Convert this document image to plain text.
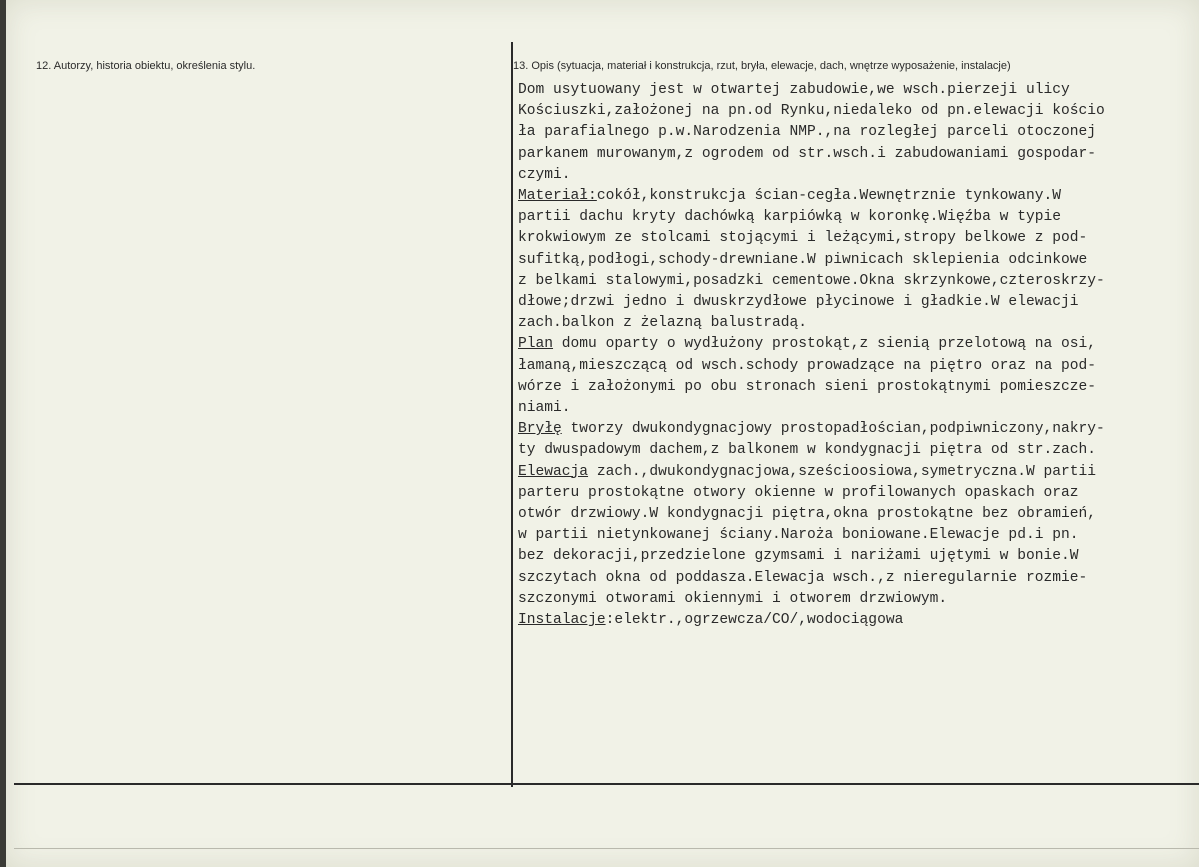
12. Autorzy, historia obiektu, określenia stylu.	13. Opis (sytuacja, materiał i konstrukcja, rzut, bryła, elewacje, dach, wnętrze wyposażenie, instalacje)
Dom usytuowany jest w otwartej zabudowie,we wsch.pierzeji ulicy
Kościuszki,założonej na pn.od Rynku,niedaleko od pn.elewacji kościo
ła parafialnego p.w.Narodzenia NMP.,na rozległej parceli otoczonej
parkanem murowanym,z ogrodem od str.wsch.i zabudowaniami gospodar-
czymi.
Materiał:cokół,konstrukcja ścian-cegła.Wewnętrznie tynkowany.W
partii dachu kryty dachówką karpiówką w koronkę.Więźba w typie
krokwiowym ze stolcami stojącymi i leżącymi,stropy belkowe z pod-
sufitką,podłogi,schody-drewniane.W piwnicach sklepienia odcinkowe
z belkami stalowymi,posadzki cementowe.Okna skrzynkowe,czteroskrzy-
dłowe;drzwi jedno i dwuskrzydłowe płycinowe i gładkie.W elewacji
zach.balkon z żelazną balustradą.
Plan domu oparty o wydłużony prostokąt,z sienią przelotową na osi,
łamaną,mieszczącą od wsch.schody prowadzące na piętro oraz na pod-
wórze i założonymi po obu stronach sieni prostokątnymi pomieszcze-
niami.
Bryłę tworzy dwukondygnacjowy prostopadłościan,podpiwniczony,nakry-
ty dwuspadowym dachem,z balkonem w kondygnacji piętra od str.zach.
Elewacja zach.,dwukondygnacjowa,sześcioosiowa,symetryczna.W partii
parteru prostokątne otwory okienne w profilowanych opaskach oraz
otwór drzwiowy.W kondygnacji piętra,okna prostokątne bez obramień,
w partii nietynkowanej ściany.Naroża boniowane.Elewacje pd.i pn.
bez dekoracji,przedzielone gzymsami i nariżami ujętymi w bonie.W
szczytach okna od poddasza.Elewacja wsch.,z nieregularnie rozmie-
szczonymi otworami okiennymi i otworem drzwiowym.
Instalacje:elektr.,ogrzewcza/CO/,wodociągowa
